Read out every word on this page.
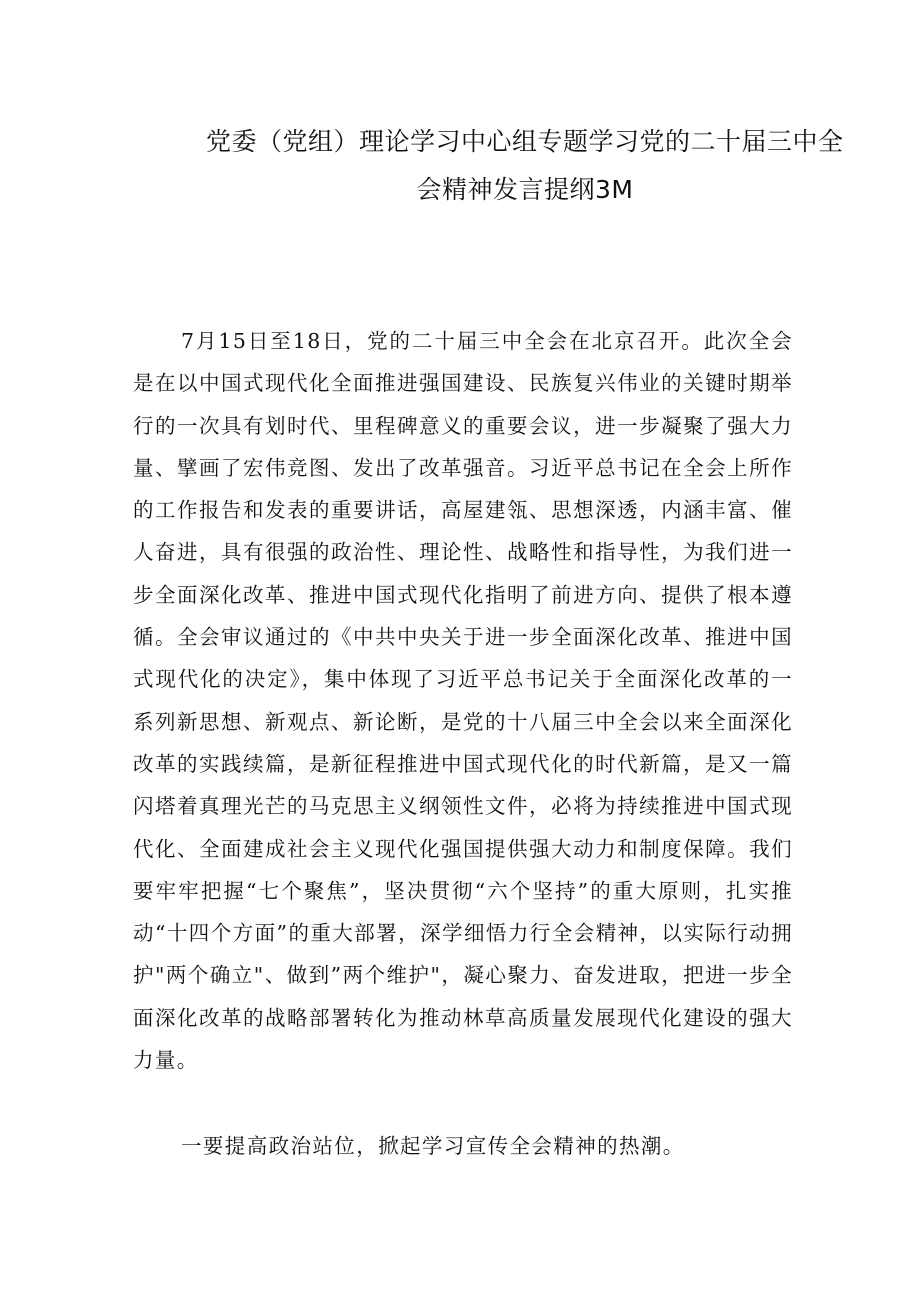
党委（党组）理论学习中心组专题学习党的二十届三中全
会精神发言提纲3M
7月15日至18日，党的二十届三中全会在北京召开。此次全会是在以中国式现代化全面推进强国建设、民族复兴伟业的关键时期举行的一次具有划时代、里程碑意义的重要会议，进一步凝聚了强大力量、擘画了宏伟竞图、发出了改革强音。习近平总书记在全会上所作的工作报告和发表的重要讲话，高屋建瓴、思想深透，内涵丰富、催人奋进，具有很强的政治性、理论性、战略性和指导性，为我们进一步全面深化改革、推进中国式现代化指明了前进方向、提供了根本遵循。全会审议通过的《中共中央关于进一步全面深化改革、推进中国式现代化的决定》，集中体现了习近平总书记关于全面深化改革的一系列新思想、新观点、新论断，是党的十八届三中全会以来全面深化改革的实践续篇，是新征程推进中国式现代化的时代新篇，是又一篇闪塔着真理光芒的马克思主义纲领性文件，必将为持续推进中国式现代化、全面建成社会主义现代化强国提供强大动力和制度保障。我们要牢牢把握“七个聚焦”，坚决贯彻“六个坚持”的重大原则，扎实推动“十四个方面”的重大部署，深学细悟力行全会精神，以实际行动拥护"两个确立"、做到”两个维护"，凝心聚力、奋发进取，把进一步全面深化改革的战略部署转化为推动林草高质量发展现代化建设的强大力量。
一要提高政治站位，掀起学习宣传全会精神的热潮。
